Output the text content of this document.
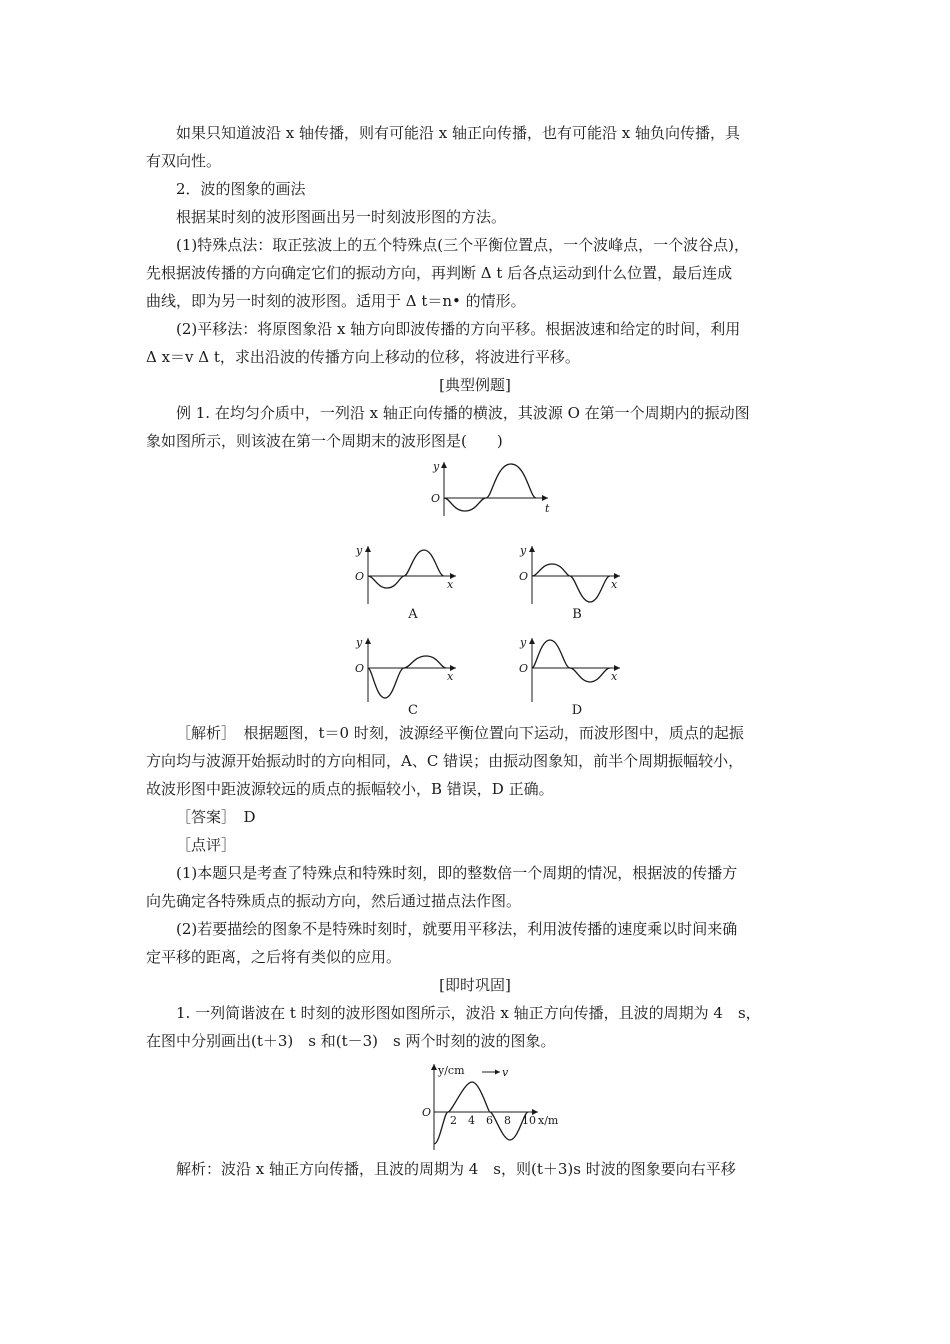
如果只知道波沿 x 轴传播，则有可能沿 x 轴正向传播，也有可能沿 x 轴负向传播，具
有双向性。
2．波的图象的画法
根据某时刻的波形图画出另一时刻波形图的方法。
(1)特殊点法：取正弦波上的五个特殊点(三个平衡位置点，一个波峰点，一个波谷点)，
先根据波传播的方向确定它们的振动方向，再判断 Δ t 后各点运动到什么位置，最后连成
曲线，即为另一时刻的波形图。适用于 Δ t＝n• 的情形。
(2)平移法：将原图象沿 x 轴方向即波传播的方向平移。根据波速和给定的时间，利用
Δ x＝v Δ t，求出沿波的传播方向上移动的位移，将波进行平移。
[典型例题]
例 1. 在均匀介质中，一列沿 x 轴正向传播的横波，其波源 O 在第一个周期内的振动图
象如图所示，则该波在第一个周期末的波形图是(　　)
y
O
t
y
O
x
A
y
O
x
B
y
O
x
C
y
O
x
D
［解析］　根据题图，t＝0 时刻，波源经平衡位置向下运动，而波形图中，质点的起振
方向均与波源开始振动时的方向相同，A、C 错误；由振动图象知，前半个周期振幅较小，
故波形图中距波源较远的质点的振幅较小，B 错误，D 正确。
［答案］　D
［点评］
(1)本题只是考查了特殊点和特殊时刻，即的整数倍一个周期的情况，根据波的传播方
向先确定各特殊质点的振动方向，然后通过描点法作图。
(2)若要描绘的图象不是特殊时刻时，就要用平移法，利用波传播的速度乘以时间来确
定平移的距离，之后将有类似的应用。
[即时巩固]
1. 一列简谐波在 t 时刻的波形图如图所示，波沿 x 轴正方向传播，且波的周期为 4　s，
在图中分别画出(t＋3)　s 和(t－3)　s 两个时刻的波的图象。
y/cm	v
O
2 4 6 8 10 x/m
解析：波沿 x 轴正方向传播，且波的周期为 4　s，则(t＋3)s 时波的图象要向右平移
